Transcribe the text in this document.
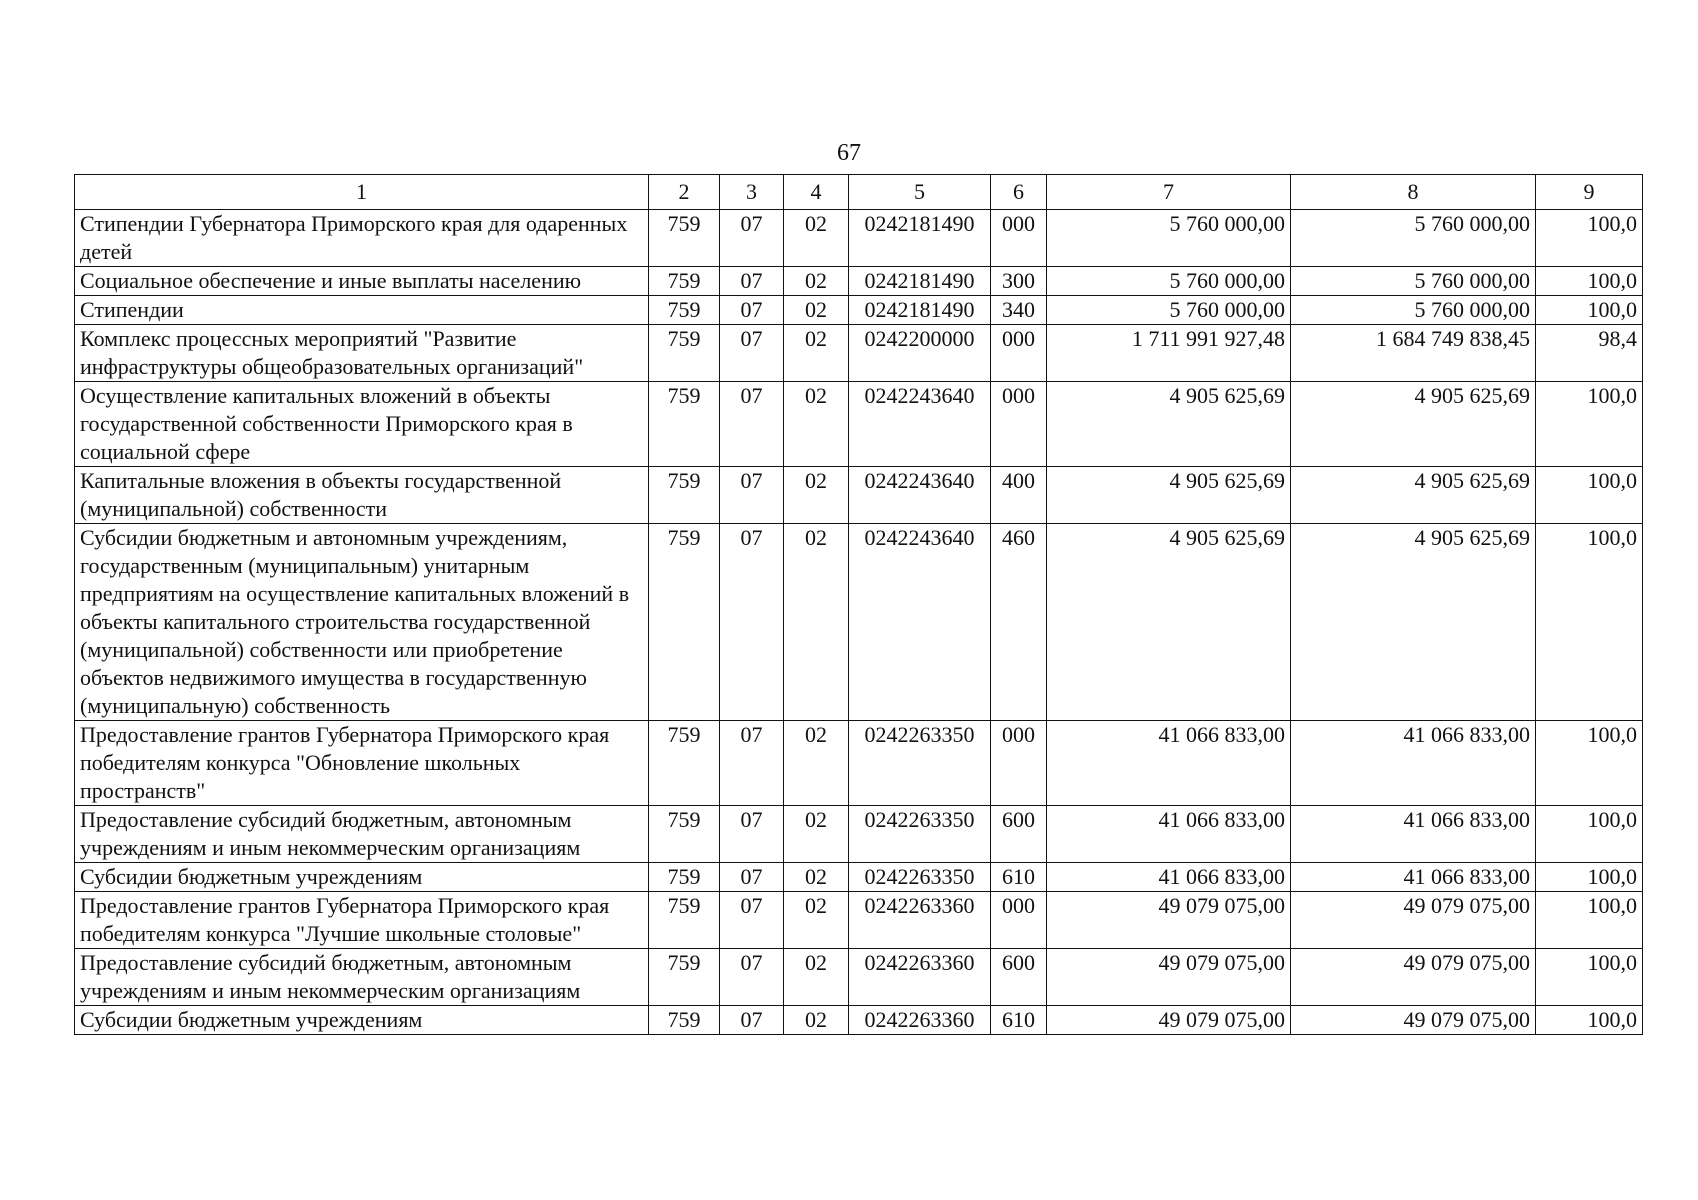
67
1	2	3	4	5	6	7	8	9
Стипендии Губернатора Приморского края для одаренных детей	759	07	02	0242181490	000	5 760 000,00	5 760 000,00	100,0
Социальное обеспечение и иные выплаты населению	759	07	02	0242181490	300	5 760 000,00	5 760 000,00	100,0
Стипендии	759	07	02	0242181490	340	5 760 000,00	5 760 000,00	100,0
Комплекс процессных мероприятий "Развитие инфраструктуры общеобразовательных организаций"	759	07	02	0242200000	000	1 711 991 927,48	1 684 749 838,45	98,4
Осуществление капитальных вложений в объекты государственной собственности Приморского края в социальной сфере	759	07	02	0242243640	000	4 905 625,69	4 905 625,69	100,0
Капитальные вложения в объекты государственной (муниципальной) собственности	759	07	02	0242243640	400	4 905 625,69	4 905 625,69	100,0
Субсидии бюджетным и автономным учреждениям, государственным (муниципальным) унитарным предприятиям на осуществление капитальных вложений в объекты капитального строительства государственной (муниципальной) собственности или приобретение объектов недвижимого имущества в государственную (муниципальную) собственность	759	07	02	0242243640	460	4 905 625,69	4 905 625,69	100,0
Предоставление грантов Губернатора Приморского края победителям конкурса "Обновление школьных пространств"	759	07	02	0242263350	000	41 066 833,00	41 066 833,00	100,0
Предоставление субсидий бюджетным, автономным учреждениям и иным некоммерческим организациям	759	07	02	0242263350	600	41 066 833,00	41 066 833,00	100,0
Субсидии бюджетным учреждениям	759	07	02	0242263350	610	41 066 833,00	41 066 833,00	100,0
Предоставление грантов Губернатора Приморского края победителям конкурса "Лучшие школьные столовые"	759	07	02	0242263360	000	49 079 075,00	49 079 075,00	100,0
Предоставление субсидий бюджетным, автономным учреждениям и иным некоммерческим организациям	759	07	02	0242263360	600	49 079 075,00	49 079 075,00	100,0
Субсидии бюджетным учреждениям	759	07	02	0242263360	610	49 079 075,00	49 079 075,00	100,0
